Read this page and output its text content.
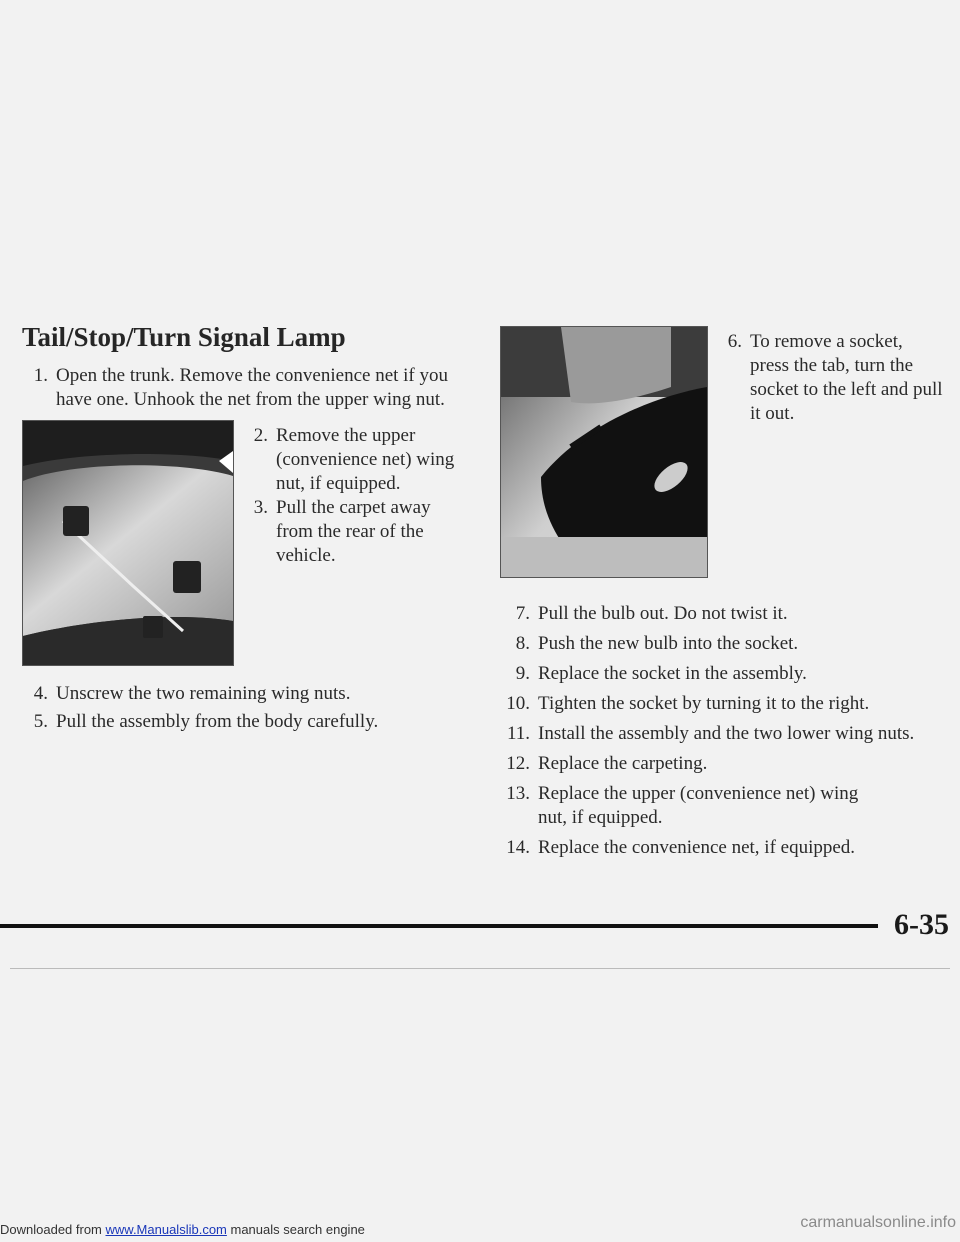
Tail/Stop/Turn Signal Lamp
1. Open the trunk. Remove the convenience net if you have one. Unhook the net from the upper wing nut.
2. Remove the upper (convenience net) wing nut, if equipped.
3. Pull the carpet away from the rear of the vehicle.
4. Unscrew the two remaining wing nuts.
5. Pull the assembly from the body carefully.
6. To remove a socket, press the tab, turn the socket to the left and pull it out.
7. Pull the bulb out. Do not twist it.
8. Push the new bulb into the socket.
9. Replace the socket in the assembly.
10. Tighten the socket by turning it to the right.
11. Install the assembly and the two lower wing nuts.
12. Replace the carpeting.
13. Replace the upper (convenience net) wing nut, if equipped.
14. Replace the convenience net, if equipped.
6-35
Downloaded from www.Manualslib.com manuals search engine	carmanualsonline.info
